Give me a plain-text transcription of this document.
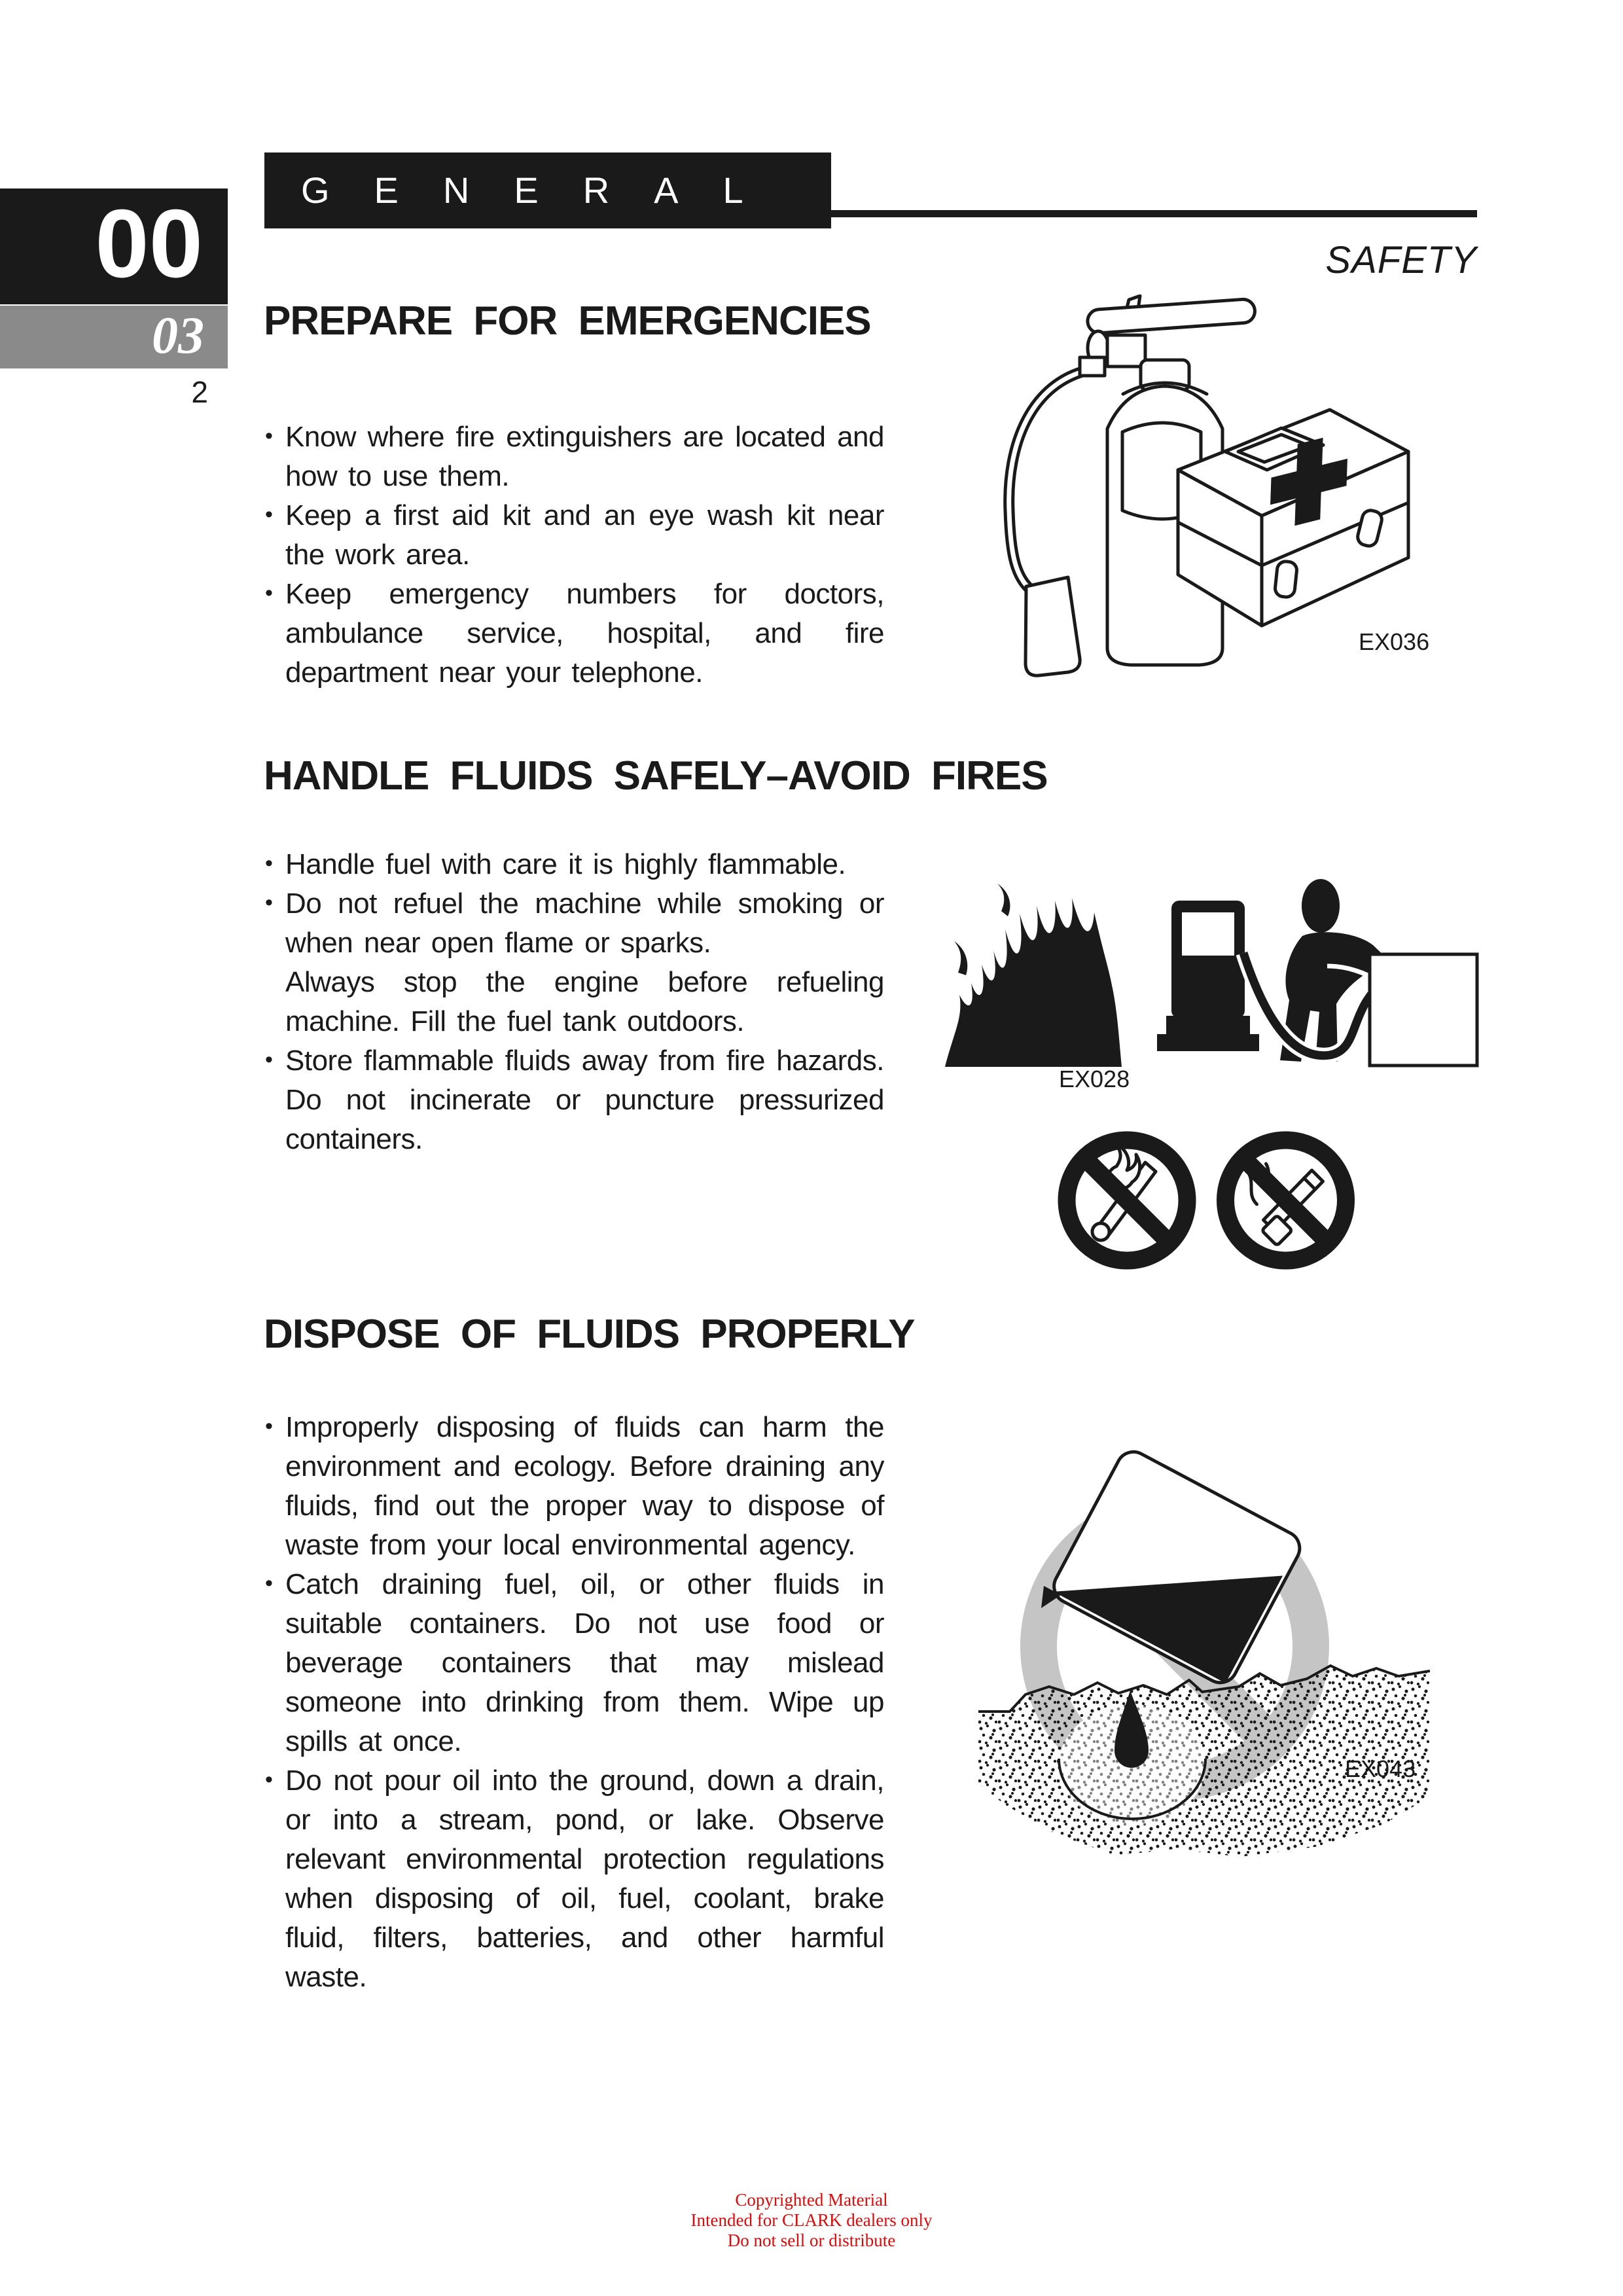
GENERAL
SAFETY
00
03
2
PREPARE FOR EMERGENCIES
• Know where fire extinguishers are located and how to use them.
• Keep a first aid kit and an eye wash kit near the work area.
• Keep emergency numbers for doctors, ambulance service, hospital, and fire department near your telephone.
EX036
HANDLE FLUIDS SAFELY–AVOID FIRES
• Handle fuel with care it is highly flammable.
• Do not refuel the machine while smoking or when near open flame or sparks.
Always stop the engine before refueling machine. Fill the fuel tank outdoors.
• Store flammable fluids away from fire hazards. Do not incinerate or puncture pressurized containers.
EX028
DISPOSE OF FLUIDS PROPERLY
• Improperly disposing of fluids can harm the environment and ecology. Before draining any fluids, find out the proper way to dispose of waste from your local environmental agency.
• Catch draining fuel, oil, or other fluids in suitable containers. Do not use food or beverage containers that may mislead someone into drinking from them. Wipe up spills at once.
• Do not pour oil into the ground, down a drain, or into a stream, pond, or lake. Observe relevant environmental protection regulations when disposing of oil, fuel, coolant, brake fluid, filters, batteries, and other harmful waste.
EX043
Copyrighted Material
Intended for CLARK dealers only
Do not sell or distribute
